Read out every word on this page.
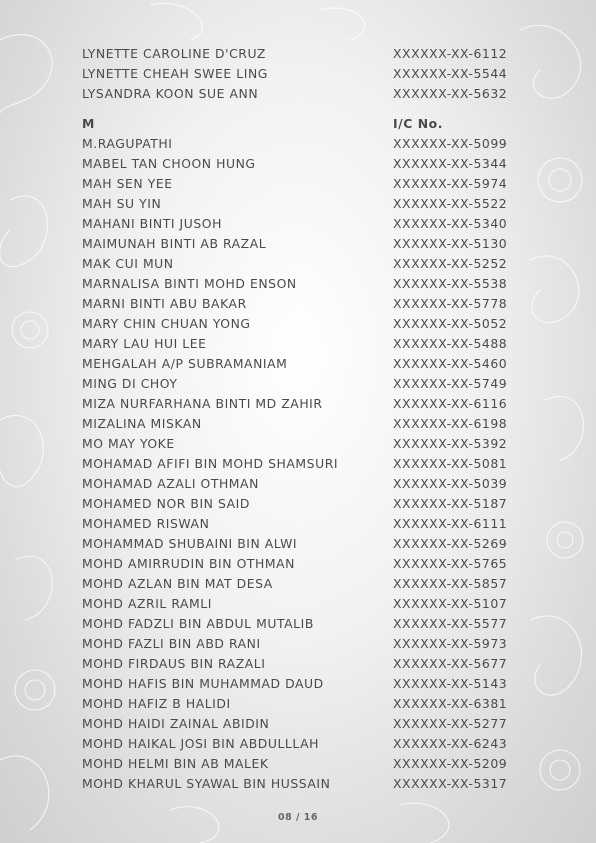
LYNETTE CAROLINE D'CRUZ	XXXXXX-XX-6112
LYNETTE CHEAH SWEE LING	XXXXXX-XX-5544
LYSANDRA KOON SUE ANN	XXXXXX-XX-5632
M	I/C No.
M.RAGUPATHI	XXXXXX-XX-5099
MABEL TAN CHOON HUNG	XXXXXX-XX-5344
MAH SEN YEE	XXXXXX-XX-5974
MAH SU YIN	XXXXXX-XX-5522
MAHANI BINTI JUSOH	XXXXXX-XX-5340
MAIMUNAH BINTI AB RAZAL	XXXXXX-XX-5130
MAK CUI MUN	XXXXXX-XX-5252
MARNALISA BINTI MOHD ENSON	XXXXXX-XX-5538
MARNI BINTI ABU BAKAR	XXXXXX-XX-5778
MARY CHIN CHUAN YONG	XXXXXX-XX-5052
MARY LAU HUI LEE	XXXXXX-XX-5488
MEHGALAH A/P SUBRAMANIAM	XXXXXX-XX-5460
MING DI CHOY	XXXXXX-XX-5749
MIZA NURFARHANA BINTI MD ZAHIR	XXXXXX-XX-6116
MIZALINA MISKAN	XXXXXX-XX-6198
MO MAY YOKE	XXXXXX-XX-5392
MOHAMAD AFIFI BIN MOHD SHAMSURI	XXXXXX-XX-5081
MOHAMAD AZALI OTHMAN	XXXXXX-XX-5039
MOHAMED NOR BIN SAID	XXXXXX-XX-5187
MOHAMED RISWAN	XXXXXX-XX-6111
MOHAMMAD SHUBAINI BIN ALWI	XXXXXX-XX-5269
MOHD AMIRRUDIN BIN OTHMAN	XXXXXX-XX-5765
MOHD AZLAN BIN MAT DESA	XXXXXX-XX-5857
MOHD AZRIL RAMLI	XXXXXX-XX-5107
MOHD FADZLI BIN ABDUL MUTALIB	XXXXXX-XX-5577
MOHD FAZLI BIN ABD RANI	XXXXXX-XX-5973
MOHD FIRDAUS BIN RAZALI	XXXXXX-XX-5677
MOHD HAFIS BIN MUHAMMAD DAUD	XXXXXX-XX-5143
MOHD HAFIZ B HALIDI	XXXXXX-XX-6381
MOHD HAIDI ZAINAL ABIDIN	XXXXXX-XX-5277
MOHD HAIKAL JOSI BIN ABDULLLAH	XXXXXX-XX-6243
MOHD HELMI BIN AB MALEK	XXXXXX-XX-5209
MOHD KHARUL SYAWAL BIN HUSSAIN	XXXXXX-XX-5317
08 / 16
